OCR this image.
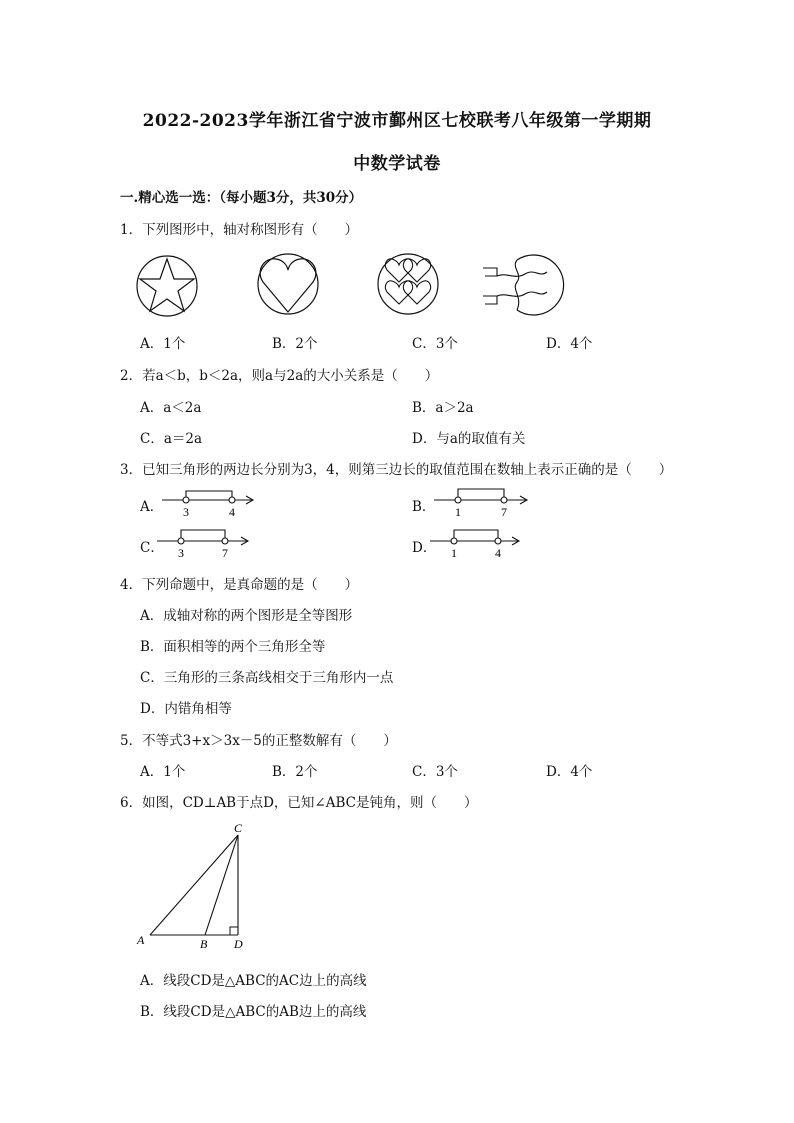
2022-2023学年浙江省宁波市鄞州区七校联考八年级第一学期期
中数学试卷
一.精心选一选：（每小题3分，共30分）
1．下列图形中，轴对称图形有（　　）
A．1个	B．2个	C．3个	D．4个
2．若a＜b，b＜2a，则a与2a的大小关系是（　　）
A．a＜2a	B．a＞2a
C．a＝2a	D．与a的取值有关
3．已知三角形的两边长分别为3，4，则第三边长的取值范围在数轴上表示正确的是（　　）
A． 3	4	B． 1	7
C． 3	7	D． 1	4
4．下列命题中，是真命题的是（　　）
A．成轴对称的两个图形是全等图形
B．面积相等的两个三角形全等
C．三角形的三条高线相交于三角形内一点
D．内错角相等
5．不等式3+x＞3x－5的正整数解有（　　）
A．1个	B．2个	C．3个	D．4个
6．如图，CD⊥AB于点D，已知∠ABC是钝角，则（　　）
C
A	B D
A．线段CD是△ABC的AC边上的高线
B．线段CD是△ABC的AB边上的高线
